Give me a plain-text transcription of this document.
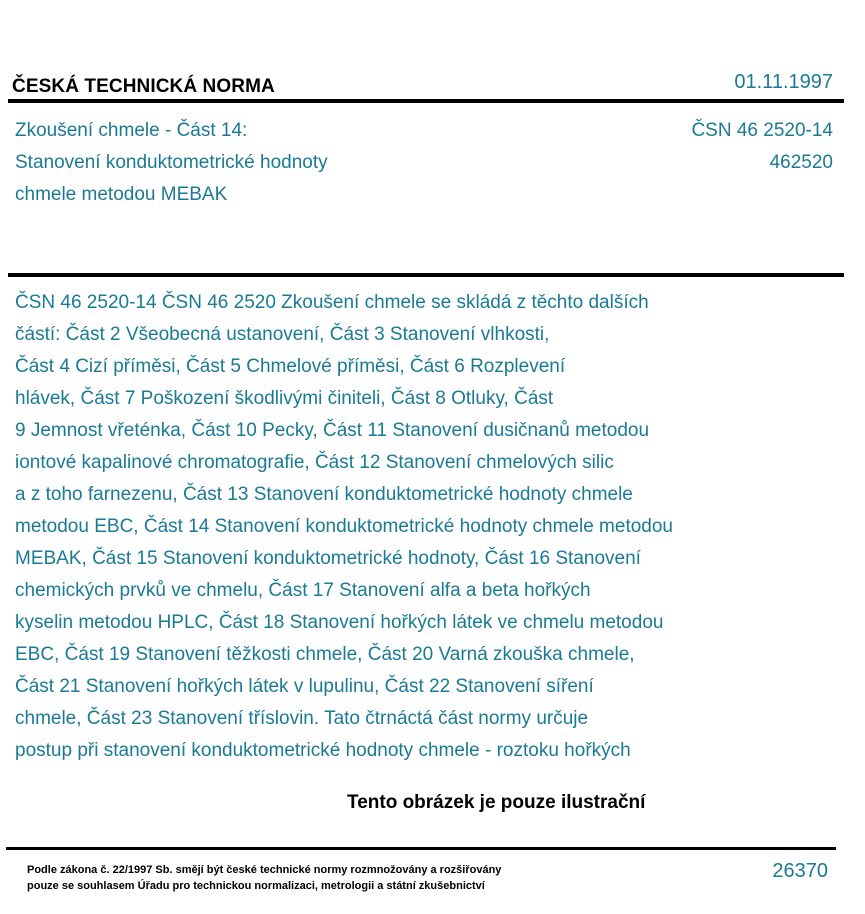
ČESKÁ TECHNICKÁ NORMA	01.11.1997
Zkoušení chmele - Část 14:
Stanovení konduktometrické hodnoty
chmele metodou MEBAK
ČSN 46 2520-14
462520
ČSN 46 2520-14 ČSN 46 2520 Zkoušení chmele se skládá z těchto dalších
částí: Část 2 Všeobecná ustanovení, Část 3 Stanovení vlhkosti,
Část 4 Cizí příměsi, Část 5 Chmelové příměsi, Část 6 Rozplevení
hlávek, Část 7 Poškození škodlivými činiteli, Část 8 Otluky, Část
9 Jemnost vřeténka, Část 10 Pecky, Část 11 Stanovení dusičnanů metodou
iontové kapalinové chromatografie, Část 12 Stanovení chmelových silic
a z toho farnezenu, Část 13 Stanovení konduktometrické hodnoty chmele
metodou EBC, Část 14 Stanovení konduktometrické hodnoty chmele metodou
MEBAK, Část 15 Stanovení konduktometrické hodnoty, Část 16 Stanovení
chemických prvků ve chmelu, Část 17 Stanovení alfa a beta hořkých
kyselin metodou HPLC, Část 18 Stanovení hořkých látek ve chmelu metodou
EBC, Část 19 Stanovení těžkosti chmele, Část 20 Varná zkouška chmele,
Část 21 Stanovení hořkých látek v lupulinu, Část 22 Stanovení síření
chmele, Část 23 Stanovení tříslovin. Tato čtrnáctá část normy určuje
postup při stanovení konduktometrické hodnoty chmele - roztoku hořkých
Tento obrázek je pouze ilustrační
Podle zákona č. 22/1997 Sb. smějí být české technické normy rozmnožovány a rozšiřovány
pouze se souhlasem Úřadu pro technickou normalizaci, metrologii a státní zkušebnictví
26370
